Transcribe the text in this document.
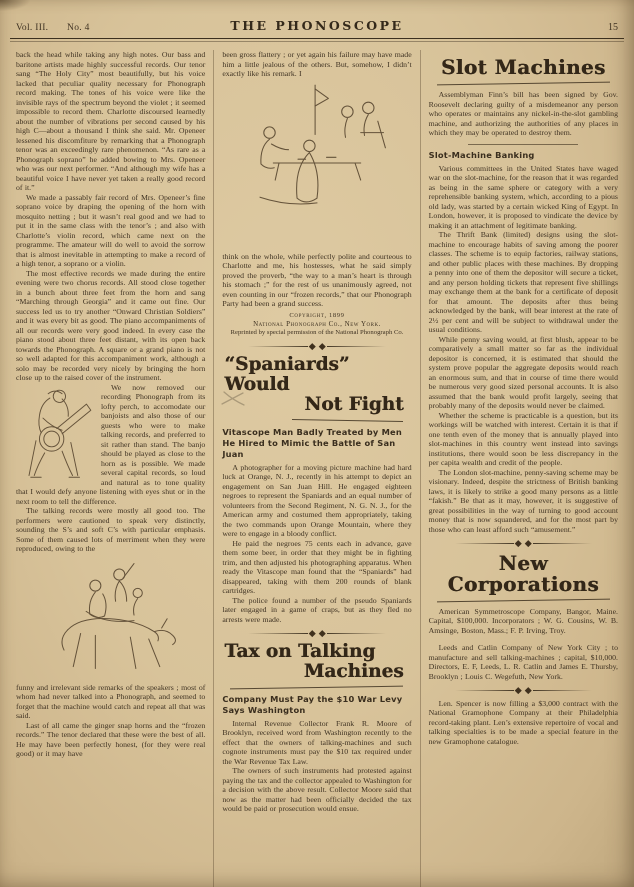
Vol. III. No. 4	THE PHONOSCOPE	15

back the head while taking any high notes. Our bass and baritone artists made highly successful records. Our tenor sang “The Holy City” most beautifully, but his voice lacked that peculiar quality necessary for Phonograph record making. The tones of his voice were like the invisible rays of the spectrum beyond the violet ; it seemed impossible to record them. Charlotte discoursed learnedly about the number of vibrations per second caused by his high C—about a thousand I think she said. Mr. Openeer lessened his discomfiture by remarking that a Phonograph tenor was an exceedingly rare phenomenon. “As rare as a Phonograph soprano” he added bowing to Mrs. Openeer who was our next performer. “And although my wife has a beautiful voice I have never yet taken a really good record of it.”

We made a passably fair record of Mrs. Openeer’s fine soprano voice by draping the opening of the horn with mosquito netting ; but it wasn’t real good and we had to put it in the same class with the tenor’s ; and also with Charlotte’s violin record, which came next on the programme. The amateur will do well to avoid the sorrow that is almost inevitable in attempting to make a record of a high tenor, a soprano or a violin.

The most effective records we made during the entire evening were two chorus records. All stood close together in a bunch about three feet from the horn and sang “Marching through Georgia” and it came out fine. Our success led us to try another “Onward Christian Soldiers” and it was every bit as good. The piano accompaniments of all our records were very good indeed. In every case the piano stood about three feet distant, with its open back towards the Phonograph. A square or a grand piano is not so well adapted for this accompaniment work, although a solo may be recorded very nicely by bringing the horn close up to the raised cover of the instrument.

We now removed our recording Phonograph from its lofty perch, to accomodate our banjoists and also those of our guests who were to make talking records, and preferred to sit rather than stand. The banjo should be played as close to the horn as is possible. We made several capital records, so loud and natural as to tone quality that I would defy anyone listening with eyes shut or in the next room to tell the difference.

The talking records were mostly all good too. The performers were cautioned to speak very distinctly, sounding the S’s and soft C’s with particular emphasis. Some of them caused lots of merriment when they were reproduced, owing to the

funny and irrelevant side remarks of the speakers ; most of whom had never talked into a Phonograph, and seemed to forget that the machine would catch and repeat all that was said.

Last of all came the ginger snap horns and the “frozen records.” The tenor declared that these were the best of all. He may have been perfectly honest, (for they were real good) or it may have

been gross flattery ; or yet again his failure may have made him a little jealous of the others. But, somehow, I didn’t exactly like his remark. I

think on the whole, while perfectly polite and courteous to Charlotte and me, his hostesses, what he said simply proved the proverb, “the way to a man’s heart is through his stomach ;” for the rest of us unanimously agreed, not even counting in our “frozen records,” that our Phonograph Party had been a grand success.

Copyright, 1899
National Phonograph Co., New York.
Reprinted by special permission of the National Phonograph Co.
“Spaniards” Would
Not Fight
Vitascope Man Badly Treated by Men He Hired to Mimic the Battle of San Juan

A photographer for a moving picture machine had hard luck at Orange, N. J., recently in his attempt to depict an engagement on San Juan Hill. He engaged eighteen negroes to represent the Spaniards and an equal number of volunteers from the Second Regiment, N. G. N. J., for the American army and costumed them appropriately, taking the two commands upon Orange Mountain, where they were to engage in a bloody conflict.

He paid the negroes 75 cents each in advance, gave them some beer, in order that they might be in fighting trim, and then adjusted his photographing apparatus. When ready the Vitascope man found that the “Spaniards” had disappeared, taking with them 200 rounds of blank cartridges.

The police found a number of the pseudo Spaniards later engaged in a game of craps, but as they fled no arrests were made.

Tax on Talking
Machines
Company Must Pay the $10 War Levy Says Washington

Internal Revenue Collector Frank R. Moore of Brooklyn, received word from Washington recently to the effect that the owners of talking-machines and such cognote instruments must pay the $10 tax required under the War Revenue Tax Law.

The owners of such instruments had protested against paying the tax and the collector appealed to Washington for a decision with the above result. Collector Moore said that now as the matter had been officially decided the tax would be paid or prosecution would ensue.

Slot Machines

Assemblyman Finn’s bill has been signed by Gov. Roosevelt declaring guilty of a misdemeanor any person who operates or maintains any nickel-in-the-slot gambling machine, and authorizing the authorities of any places in which they may be operated to destroy them.

Slot-Machine Banking

Various committees in the United States have waged war on the slot-machine, for the reason that it was regarded as being in the same sphere or category with a very reprehensible banking system, which, according to a pious old lady, was started by a certain wicked King of Egypt. In London, however, it is proposed to vindicate the device by making it an attachment of legitimate banking.

The Thrift Bank (limited) designs using the slot-machine to encourage habits of saving among the poorer classes. The scheme is to equip factories, railway stations, and other public places with these machines. By dropping a penny into one of them the depositor will secure a ticket, and any person holding tickets that represent five shillings may exchange them at the bank for a certificate of deposit for that amount. The deposits after thus being acknowledged by the bank, will bear interest at the rate of 2½ per cent and will be subject to withdrawal under the usual conditions.

While penny saving would, at first blush, appear to be comparatively a small matter so far as the individual depositor is concerned, it is estimated that should the system prove popular the aggregate deposits would reach an enormous sum, and that in course of time there would be numerous very good sized personal accounts. It is also assumed that the bank would profit largely, seeing that probably many of the deposits would never be claimed.

Whether the scheme is practicable is a question, but its workings will be watched with interest. Certain it is that if one tenth even of the money that is annually played into slot-machines in this country went instead into savings institutions, there would soon be less discrepancy in the per capita wealth and credit of the people.

The London slot-machine, penny-saving scheme may be visionary. Indeed, despite the strictness of British banking laws, it is likely to strike a good many persons as a little “fakish.” Be that as it may, however, it is suggestive of great possibilities in the way of turning to good account money that is now squandered, and for the most part by those who can least afford such “amusement.”

New Corporations

American Symmetroscope Company, Bangor, Maine. Capital, $100,000. Incorporators ; W. G. Cousins, W. B. Amsinge, Boston, Mass.; F. P. Irving, Troy.

Leeds and Catlin Company of New York City ; to manufacture and sell talking-machines ; capital, $10,000. Directors, E. F, Leeds, L. R. Catlin and James E. Thursby, Brooklyn ; Louis C. Wegefuth, New York.

Len. Spencer is now filling a $3,000 contract with the National Gramophone Company at their Philadelphia record-taking plant. Len’s extensive repertoire of vocal and talking specialties is to be made a special feature in the new Gramophone catalogue.
